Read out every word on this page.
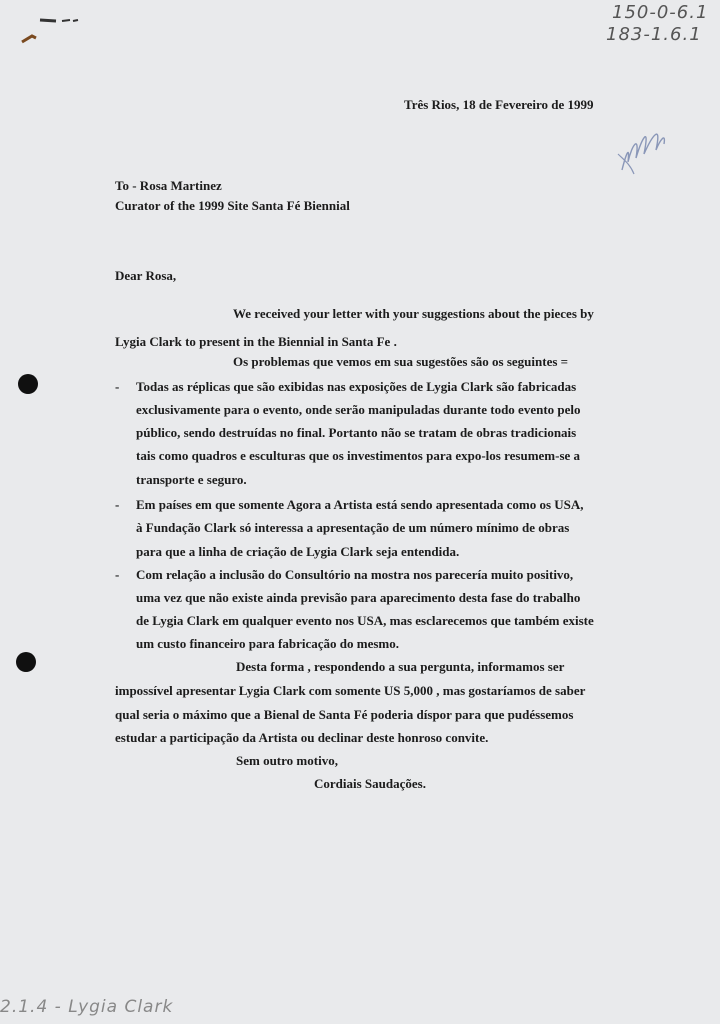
150-0-6.1
183-1.6.1
Três Rios, 18 de Fevereiro de 1999
To - Rosa Martinez
Curator of the 1999 Site Santa Fé Biennial
Dear Rosa,
We received your letter with your suggestions about the pieces by
Lygia Clark to present in the Biennial in Santa Fe .
Os problemas que vemos em sua sugestões são os seguintes =
- Todas as réplicas que são exibidas nas exposições de Lygia Clark são fabricadas
exclusivamente para o evento, onde serão manipuladas durante todo evento pelo
público, sendo destruídas no final. Portanto não se tratam de obras tradicionais
tais como quadros e esculturas que os investimentos para expo-los resumem-se a
transporte e seguro.
- Em países em que somente Agora a Artista está sendo apresentada como os USA,
à Fundação Clark só interessa a apresentação de um número mínimo de obras
para que a linha de criação de Lygia Clark seja entendida.
- Com relação a inclusão do Consultório na mostra nos parecería muito positivo,
uma vez que não existe ainda previsão para aparecimento desta fase do trabalho
de Lygia Clark em qualquer evento nos USA, mas esclarecemos que também existe
um custo financeiro para fabricação do mesmo.
Desta forma , respondendo a sua pergunta, informamos ser
impossível apresentar Lygia Clark com somente US 5,000 , mas gostaríamos de saber
qual seria o máximo que a Bienal de Santa Fé poderia díspor para que pudéssemos
estudar a participação da Artista ou declinar deste honroso convite.
Sem outro motivo,
Cordiais Saudações.
2.1.4 - Lygia Clark
